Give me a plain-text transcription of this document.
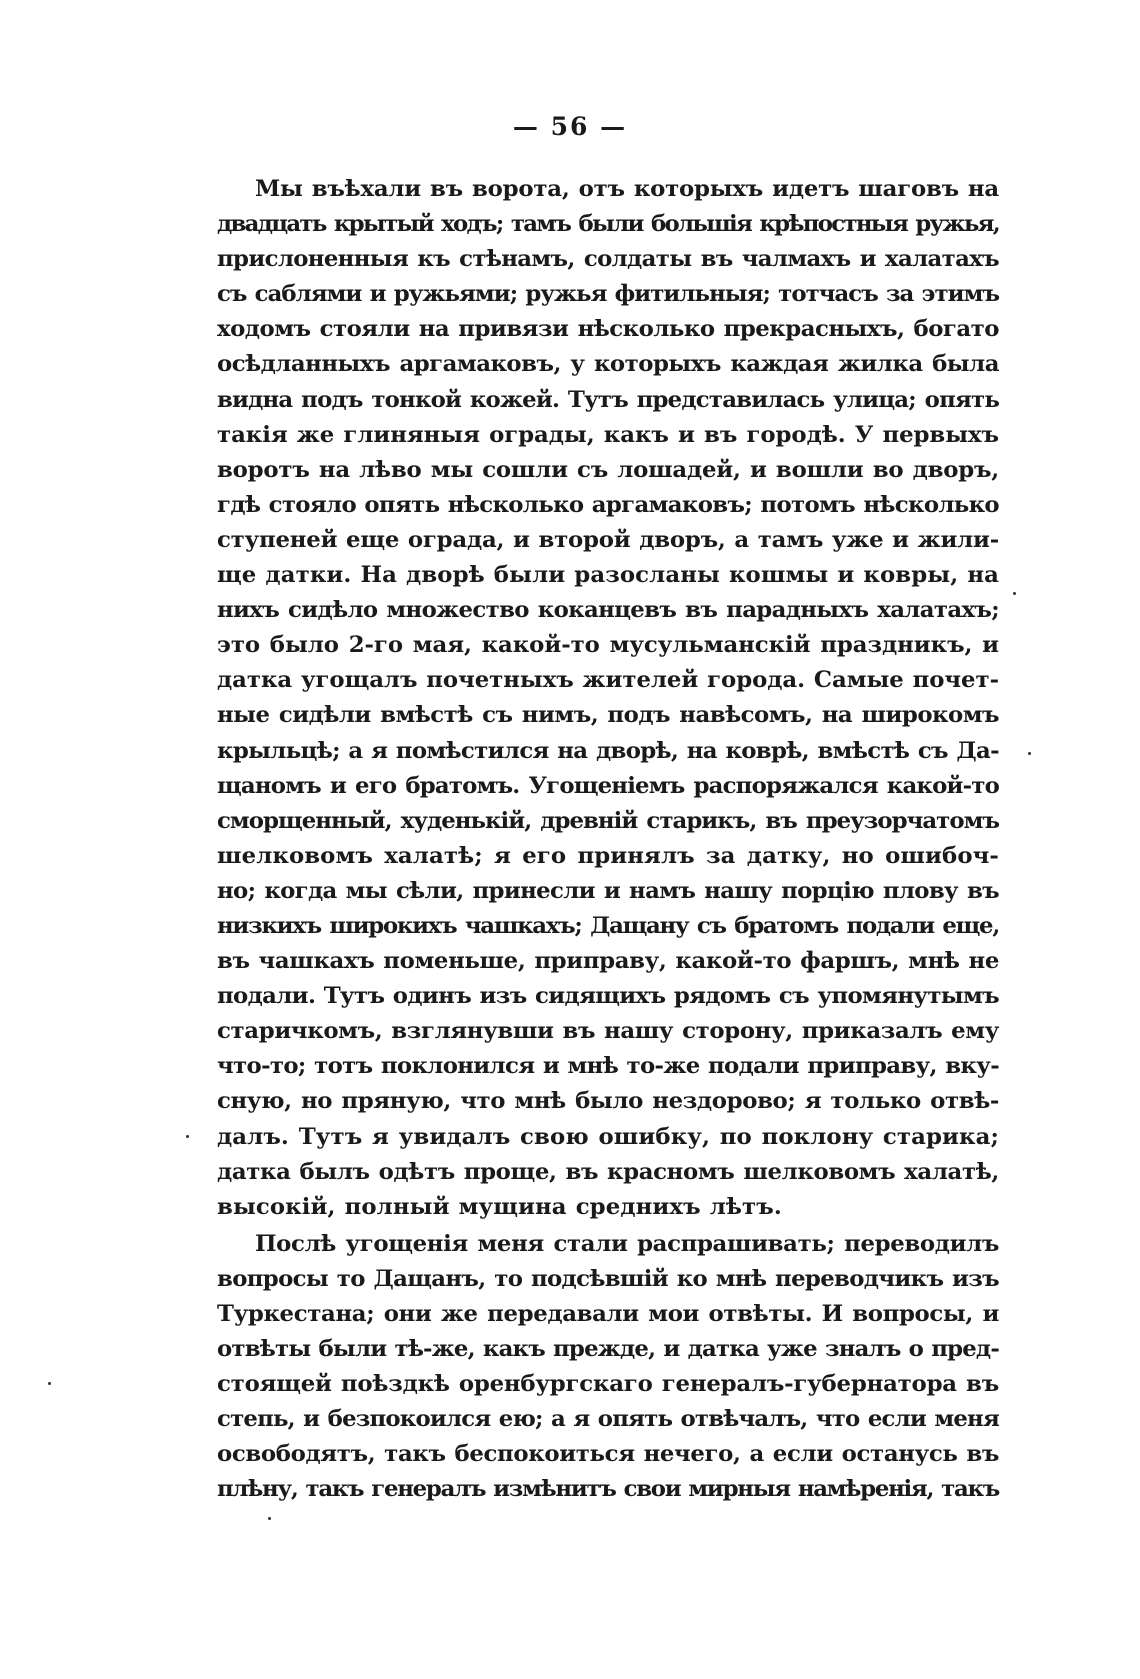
— 56 —
Мы въѣхали въ ворота, отъ которыхъ идетъ шаговъ на
двадцать крытый ходъ; тамъ были большія крѣпостныя ружья,
прислоненныя къ стѣнамъ, солдаты въ чалмахъ и халатахъ
съ саблями и ружьями; ружья фитильныя; тотчасъ за этимъ
ходомъ стояли на привязи нѣсколько прекрасныхъ, богато
осѣдланныхъ аргамаковъ, у которыхъ каждая жилка была
видна подъ тонкой кожей. Тутъ представилась улица; опять
такія же глиняныя ограды, какъ и въ городѣ. У первыхъ
воротъ на лѣво мы сошли съ лошадей, и вошли во дворъ,
гдѣ стояло опять нѣсколько аргамаковъ; потомъ нѣсколько
ступеней еще ограда, и второй дворъ, а тамъ уже и жили-
ще датки. На дворѣ были разосланы кошмы и ковры, на
нихъ сидѣло множество коканцевъ въ парадныхъ халатахъ;
это было 2-го мая, какой-то мусульманскій праздникъ, и
датка угощалъ почетныхъ жителей города. Самые почет-
ные сидѣли вмѣстѣ съ нимъ, подъ навѣсомъ, на широкомъ
крыльцѣ; а я помѣстился на дворѣ, на коврѣ, вмѣстѣ съ Да-
щаномъ и его братомъ. Угощеніемъ распоряжался какой-то
сморщенный, худенькій, древній старикъ, въ преузорчатомъ
шелковомъ халатѣ; я его принялъ за датку, но ошибоч-
но; когда мы сѣли, принесли и намъ нашу порцію плову въ
низкихъ широкихъ чашкахъ; Дащану съ братомъ подали еще,
въ чашкахъ поменьше, приправу, какой-то фаршъ, мнѣ не
подали. Тутъ одинъ изъ сидящихъ рядомъ съ упомянутымъ
старичкомъ, взглянувши въ нашу сторону, приказалъ ему
что-то; тотъ поклонился и мнѣ то-же подали приправу, вку-
сную, но пряную, что мнѣ было нездорово; я только отвѣ-
далъ. Тутъ я увидалъ свою ошибку, по поклону старика;
датка былъ одѣтъ проще, въ красномъ шелковомъ халатѣ,
высокій, полный мущина среднихъ лѣтъ.
Послѣ угощенія меня стали распрашивать; переводилъ
вопросы то Дащанъ, то подсѣвшій ко мнѣ переводчикъ изъ
Туркестана; они же передавали мои отвѣты. И вопросы, и
отвѣты были тѣ-же, какъ прежде, и датка уже зналъ о пред-
стоящей поѣздкѣ оренбургскаго генералъ-губернатора въ
степь, и безпокоился ею; а я опять отвѣчалъ, что если меня
освободятъ, такъ беспокоиться нечего, а если останусь въ
плѣну, такъ генералъ измѣнитъ свои мирныя намѣренія, такъ
